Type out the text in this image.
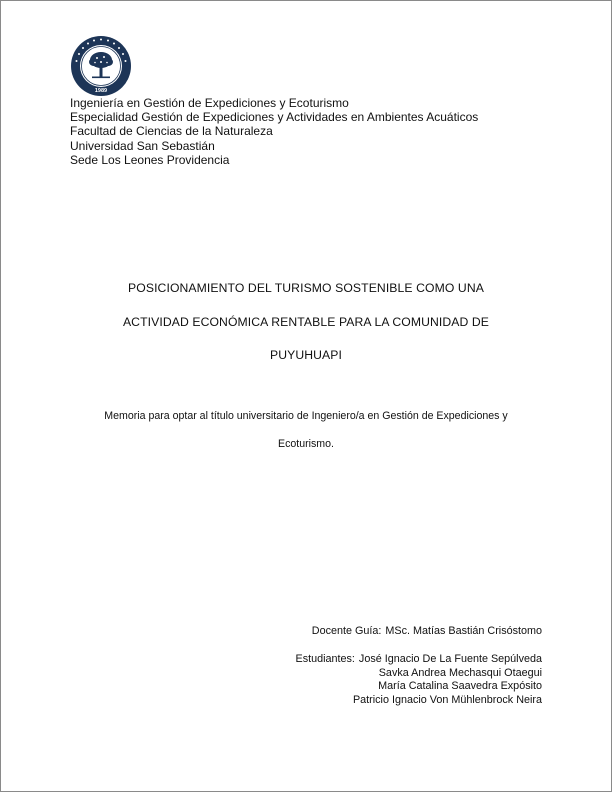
1989
Ingeniería en Gestión de Expediciones y Ecoturismo
Especialidad Gestión de Expediciones y Actividades en Ambientes Acuáticos
Facultad de Ciencias de la Naturaleza
Universidad San Sebastián
Sede Los Leones Providencia
POSICIONAMIENTO DEL TURISMO SOSTENIBLE COMO UNA
ACTIVIDAD ECONÓMICA RENTABLE PARA LA COMUNIDAD DE
PUYUHUAPI
Memoria para optar al título universitario de Ingeniero/a en Gestión de Expediciones y
Ecoturismo.
Docente Guía: MSc. Matías Bastián Crisóstomo
Estudiantes: José Ignacio De La Fuente Sepúlveda
Savka Andrea Mechasqui Otaegui
María Catalina Saavedra Expósito
Patricio Ignacio Von Mühlenbrock Neira
